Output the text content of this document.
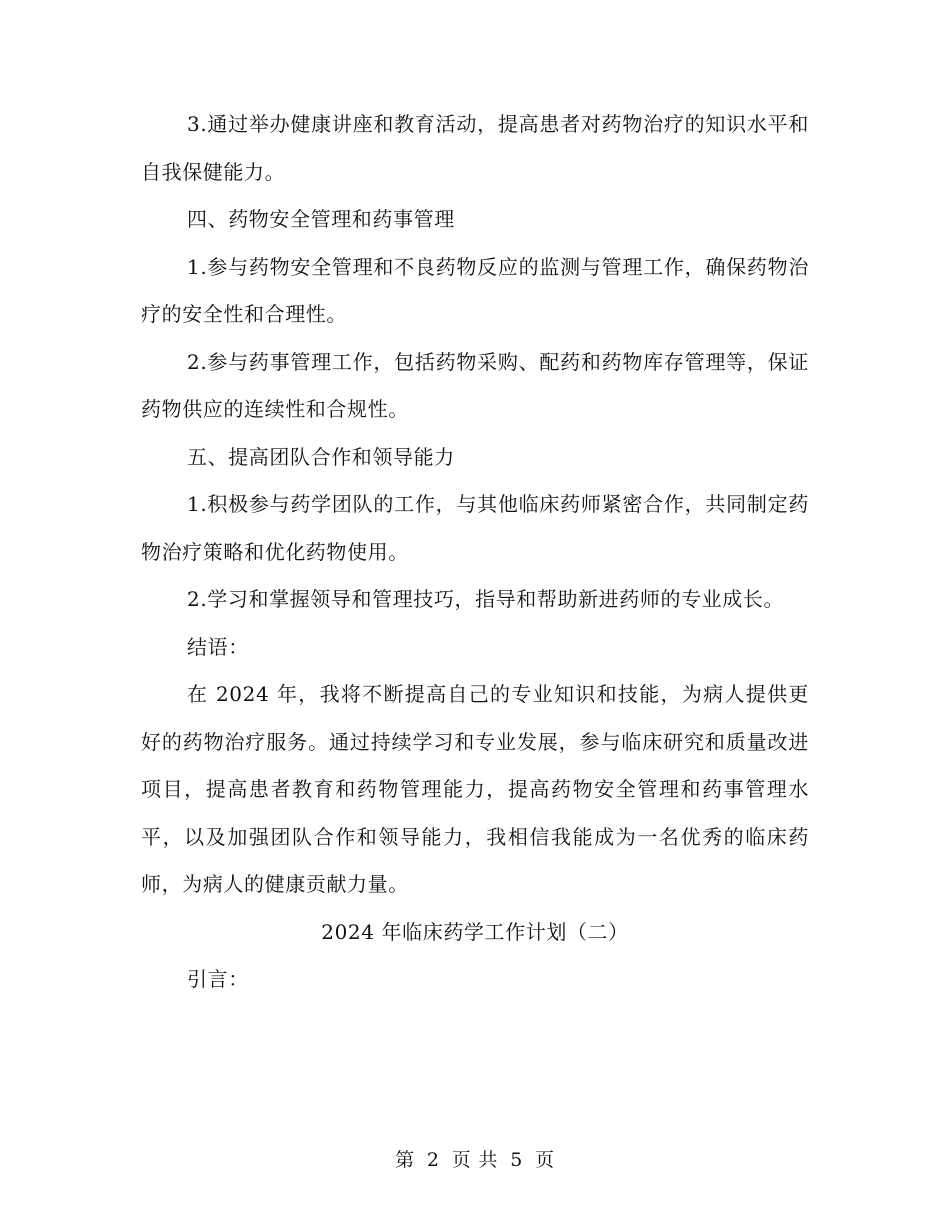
3.通过举办健康讲座和教育活动，提高患者对药物治疗的知识水平和自我保健能力。

四、药物安全管理和药事管理

1.参与药物安全管理和不良药物反应的监测与管理工作，确保药物治疗的安全性和合理性。

2.参与药事管理工作，包括药物采购、配药和药物库存管理等，保证药物供应的连续性和合规性。

五、提高团队合作和领导能力

1.积极参与药学团队的工作，与其他临床药师紧密合作，共同制定药物治疗策略和优化药物使用。

2.学习和掌握领导和管理技巧，指导和帮助新进药师的专业成长。

结语：

在 2024 年，我将不断提高自己的专业知识和技能，为病人提供更好的药物治疗服务。通过持续学习和专业发展，参与临床研究和质量改进项目，提高患者教育和药物管理能力，提高药物安全管理和药事管理水平，以及加强团队合作和领导能力，我相信我能成为一名优秀的临床药师，为病人的健康贡献力量。

2024 年临床药学工作计划（二）

引言：

第 2 页 共 5 页
